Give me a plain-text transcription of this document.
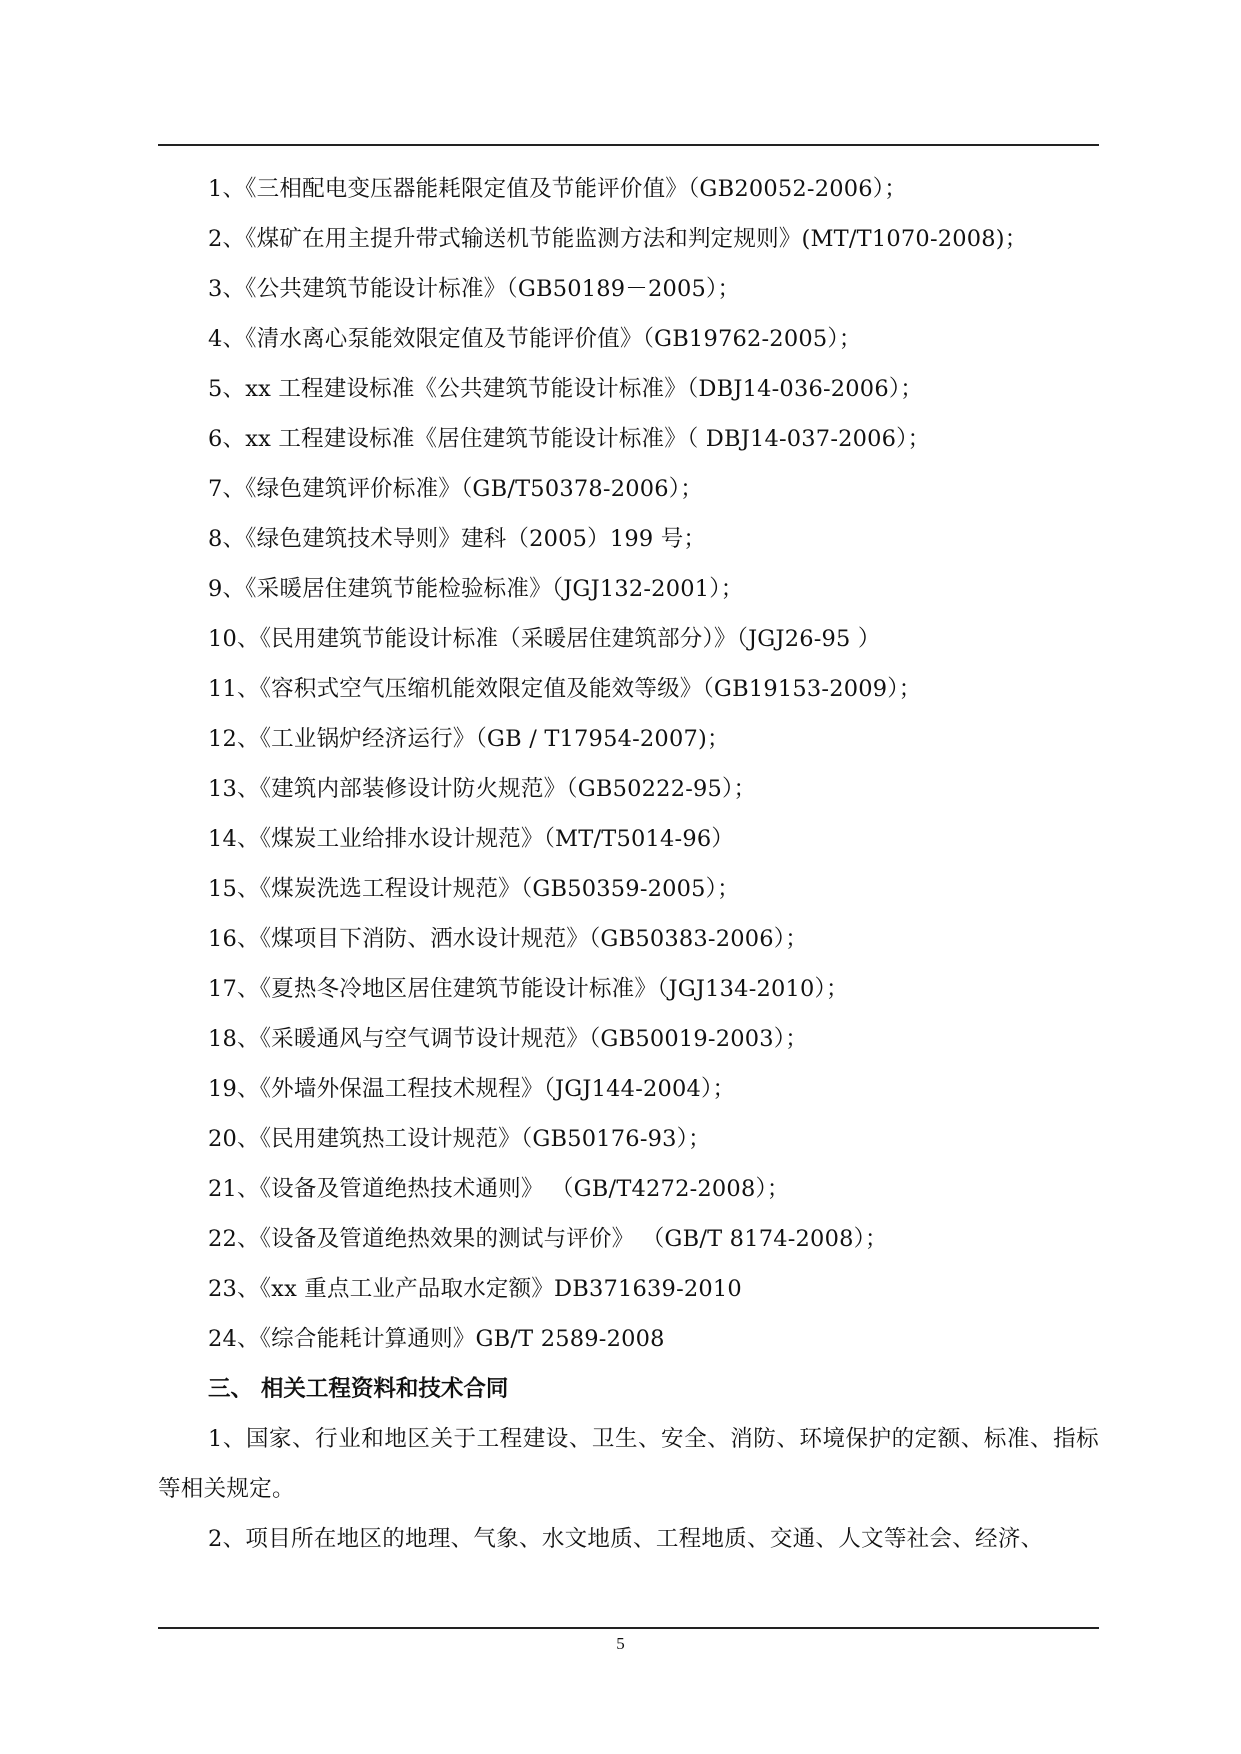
1、《三相配电变压器能耗限定值及节能评价值》（GB20052-2006）；
2、《煤矿在用主提升带式输送机节能监测方法和判定规则》(MT/T1070-2008)；
3、《公共建筑节能设计标准》（GB50189－2005）；
4、《清水离心泵能效限定值及节能评价值》（GB19762-2005）；
5、xx 工程建设标准《公共建筑节能设计标准》（DBJ14-036-2006）；
6、xx 工程建设标准《居住建筑节能设计标准》（ DBJ14-037-2006）；
7、《绿色建筑评价标准》（GB/T50378-2006）；
8、《绿色建筑技术导则》建科（2005）199 号；
9、《采暖居住建筑节能检验标准》（JGJ132-2001）；
10、《民用建筑节能设计标准（采暖居住建筑部分）》（JGJ26-95 ）
11、《容积式空气压缩机能效限定值及能效等级》（GB19153-2009）；
12、《工业锅炉经济运行》（GB / T17954-2007)；
13、《建筑内部装修设计防火规范》（GB50222-95）；
14、《煤炭工业给排水设计规范》（MT/T5014-96）
15、《煤炭洗选工程设计规范》（GB50359-2005）；
16、《煤项目下消防、洒水设计规范》（GB50383-2006）；
17、《夏热冬冷地区居住建筑节能设计标准》（JGJ134-2010）；
18、《采暖通风与空气调节设计规范》（GB50019-2003）；
19、《外墙外保温工程技术规程》（JGJ144-2004）；
20、《民用建筑热工设计规范》（GB50176-93）；
21、《设备及管道绝热技术通则》 （GB/T4272-2008）；
22、《设备及管道绝热效果的测试与评价》 （GB/T 8174-2008）；
23、《xx 重点工业产品取水定额》DB371639-2010
24、《综合能耗计算通则》GB/T 2589-2008
三、 相关工程资料和技术合同
1、国家、行业和地区关于工程建设、卫生、安全、消防、环境保护的定额、标准、指标等相关规定。
2、项目所在地区的地理、气象、水文地质、工程地质、交通、人文等社会、经济、
5
